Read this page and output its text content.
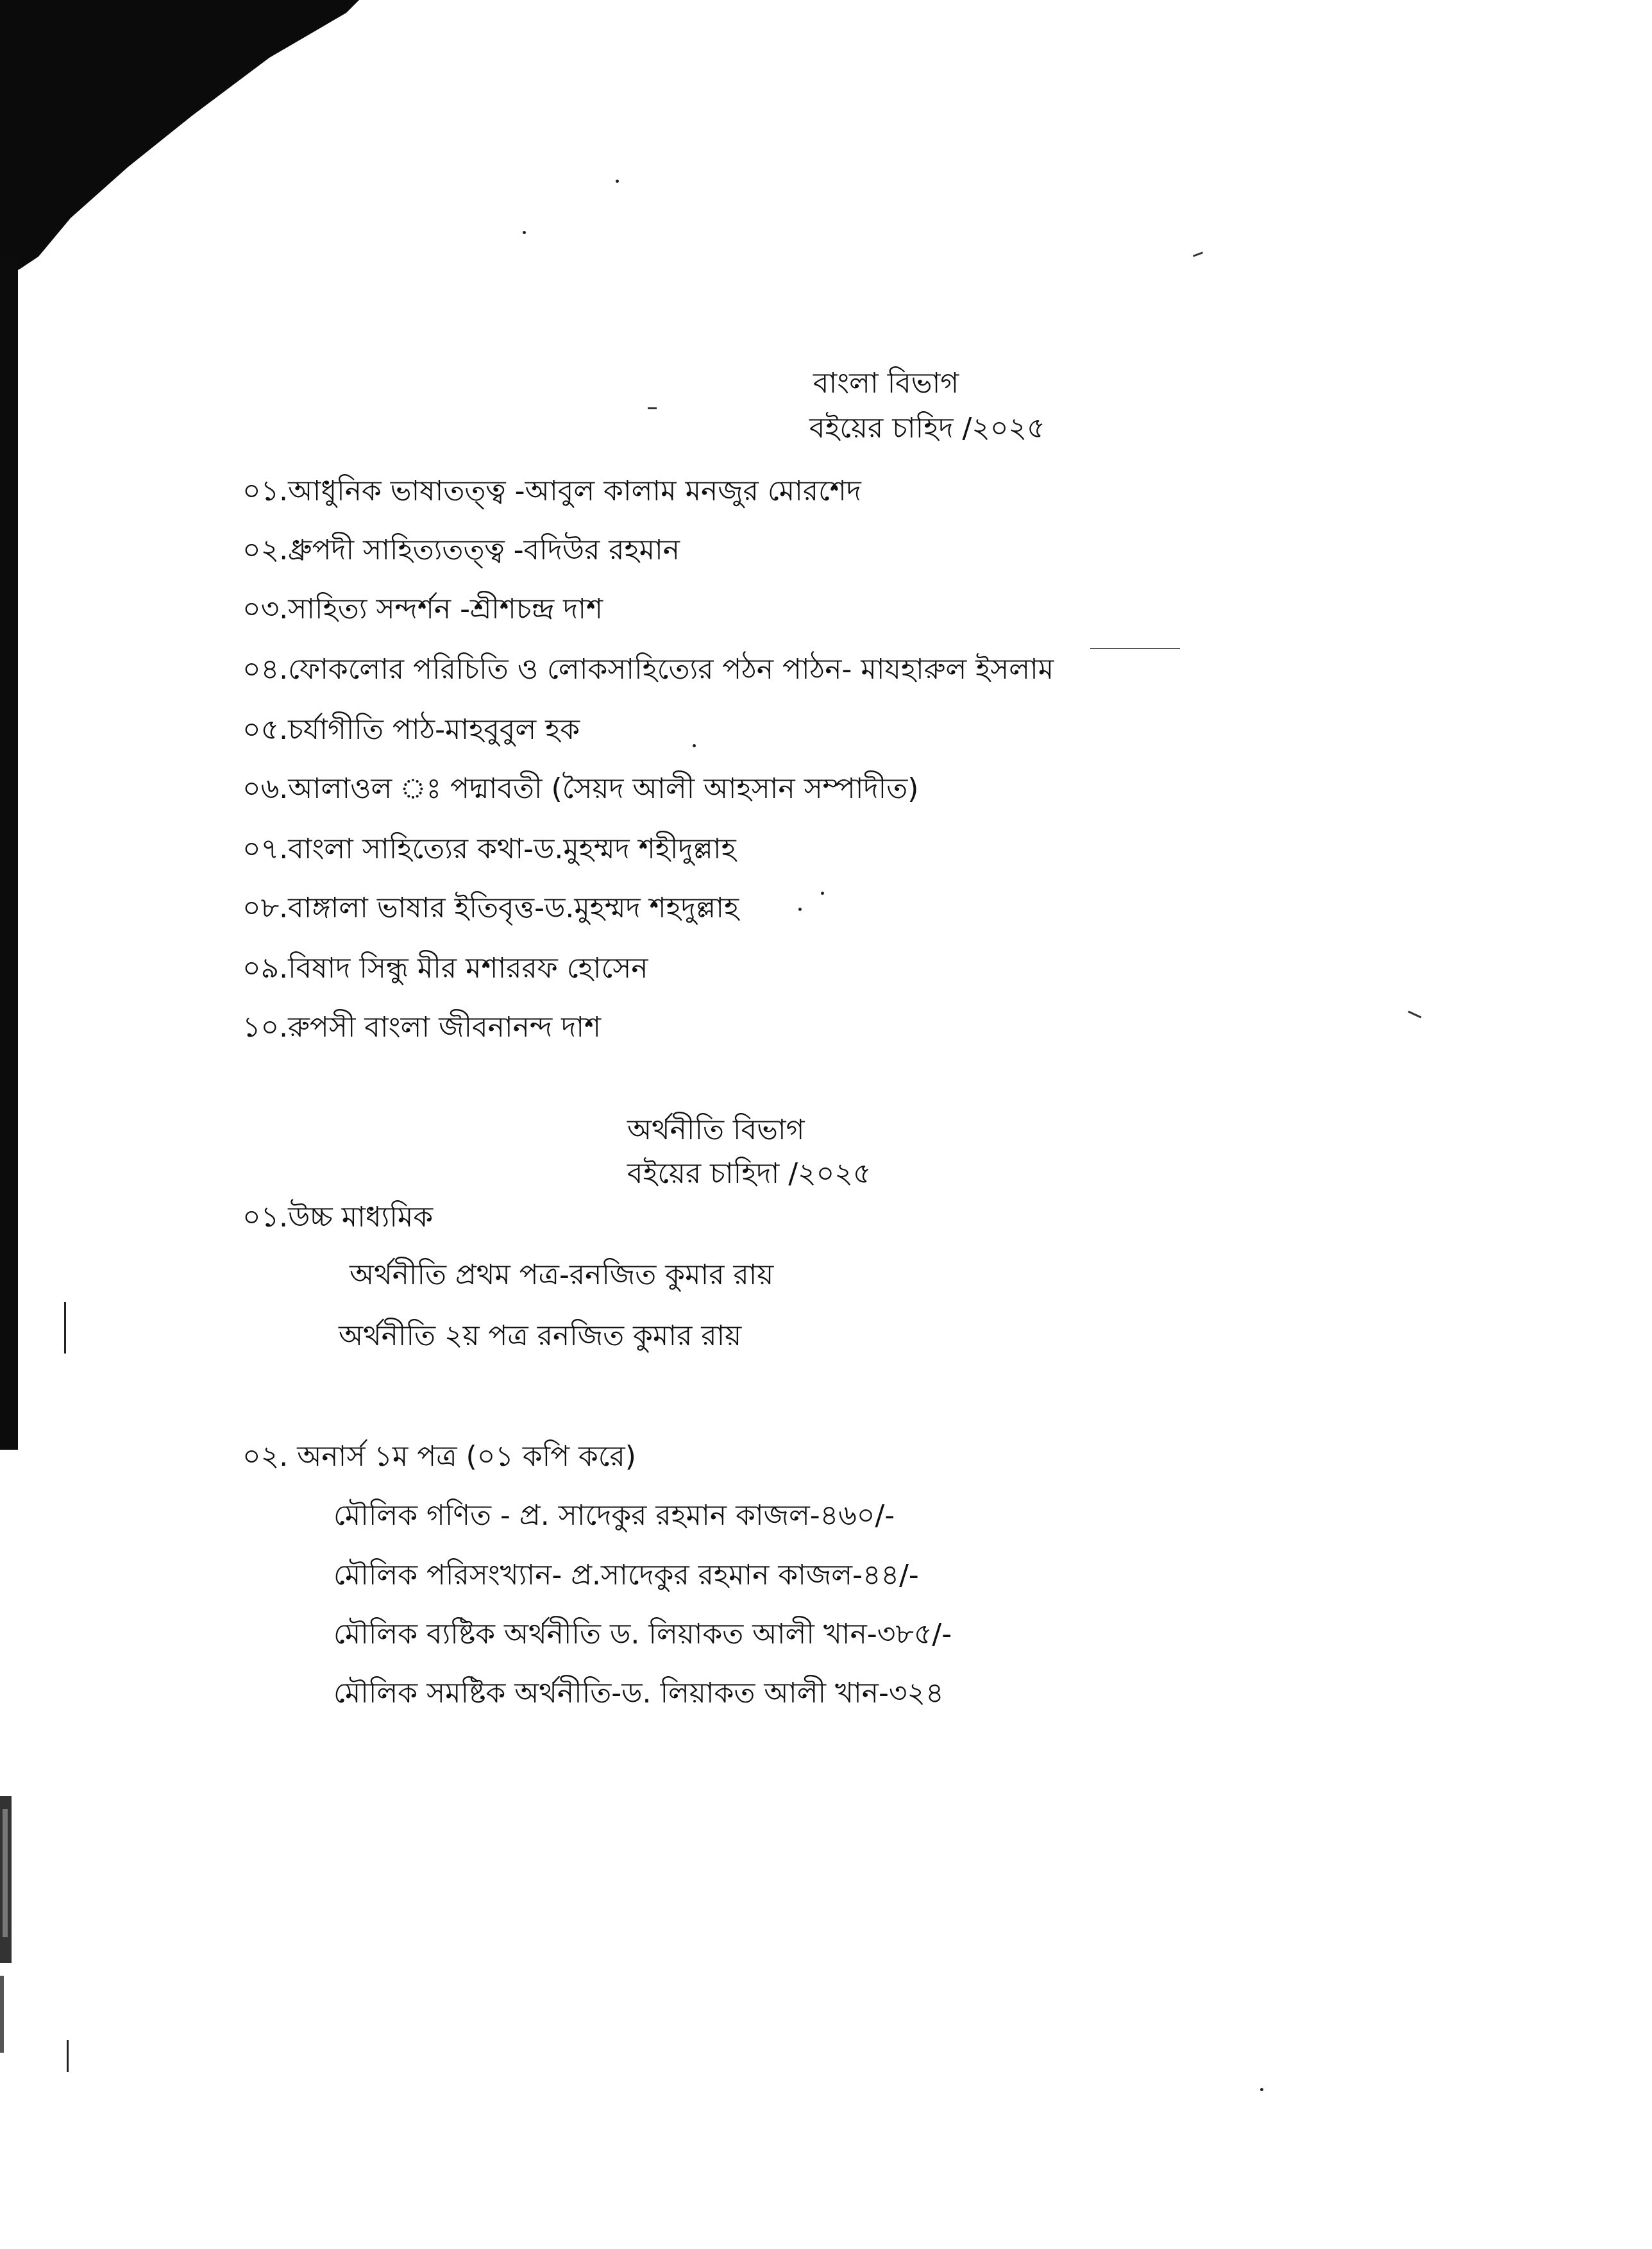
বাংলা বিভাগ
বইয়ের চাহিদ /২০২৫
০১.আধুনিক ভাষাতত্ত্ব -আবুল কালাম মনজুর মোরশেদ
০২.ধ্রুপদী সাহিত্যতত্ত্ব -বদিউর রহমান
০৩.সাহিত্য সন্দর্শন -শ্রীশচন্দ্র দাশ
০৪.ফোকলোর পরিচিতি ও লোকসাহিত্যের পঠন পাঠন- মাযহারুল ইসলাম
০৫.চর্যাগীতি পাঠ-মাহবুবুল হক
০৬.আলাওল ঃ পদ্মাবতী (সৈয়দ আলী আহসান সম্পাদীত)
০৭.বাংলা সাহিত্যের কথা-ড.মুহম্মদ শহীদুল্লাহ
০৮.বাঙ্গালা ভাষার ইতিবৃত্ত-ড.মুহম্মদ শহদুল্লাহ
০৯.বিষাদ সিন্ধু মীর মশাররফ হোসেন
১০.রুপসী বাংলা জীবনানন্দ দাশ
অর্থনীতি বিভাগ
বইয়ের চাহিদা /২০২৫
০১.উচ্চ মাধ্যমিক
অর্থনীতি প্রথম পত্র-রনজিত কুমার রায়
অর্থনীতি ২য় পত্র রনজিত কুমার রায়
০২. অনার্স ১ম পত্র (০১ কপি করে)
মৌলিক গণিত - প্র. সাদেকুর রহমান কাজল-৪৬০/-
মৌলিক পরিসংখ্যান- প্র.সাদেকুর রহমান কাজল-৪৪/-
মৌলিক ব্যষ্টিক অর্থনীতি ড. লিয়াকত আলী খান-৩৮৫/-
মৌলিক সমষ্টিক অর্থনীতি-ড. লিয়াকত আলী খান-৩২৪
